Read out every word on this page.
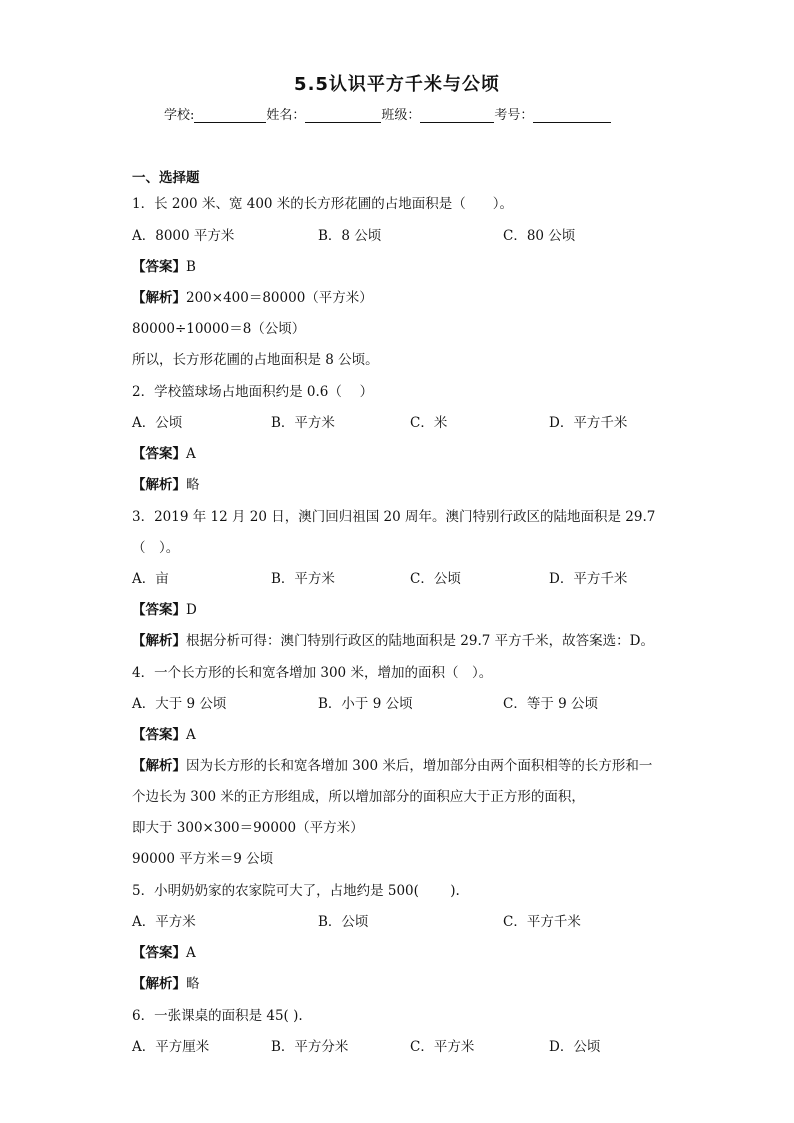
5.5认识平方千米与公顷
学校:	姓名：	班级：	考号：
一、选择题
1．长 200 米、宽 400 米的长方形花圃的占地面积是（　　）。
A．8000 平方米	B．8 公顷	C．80 公顷
【答案】B
【解析】200×400＝80000（平方米）
80000÷10000＝8（公顷）
所以，长方形花圃的占地面积是 8 公顷。
2．学校篮球场占地面积约是 0.6（　 ）
A．公顷	B．平方米	C．米	D．平方千米
【答案】A
【解析】略
3．2019 年 12 月 20 日，澳门回归祖国 20 周年。澳门特别行政区的陆地面积是 29.7
（　）。
A．亩	B．平方米	C．公顷	D．平方千米
【答案】D
【解析】根据分析可得：澳门特别行政区的陆地面积是 29.7 平方千米，故答案选：D。
4．一个长方形的长和宽各增加 300 米，增加的面积（　）。
A．大于 9 公顷	B．小于 9 公顷	C．等于 9 公顷
【答案】A
【解析】因为长方形的长和宽各增加 300 米后，增加部分由两个面积相等的长方形和一
个边长为 300 米的正方形组成，所以增加部分的面积应大于正方形的面积，
即大于 300×300＝90000（平方米）
90000 平方米＝9 公顷
5．小明奶奶家的农家院可大了，占地约是 500(　　 ).
A．平方米	B．公顷	C．平方千米
【答案】A
【解析】略
6．一张课桌的面积是 45( ).
A．平方厘米	B．平方分米	C．平方米	D．公顷
